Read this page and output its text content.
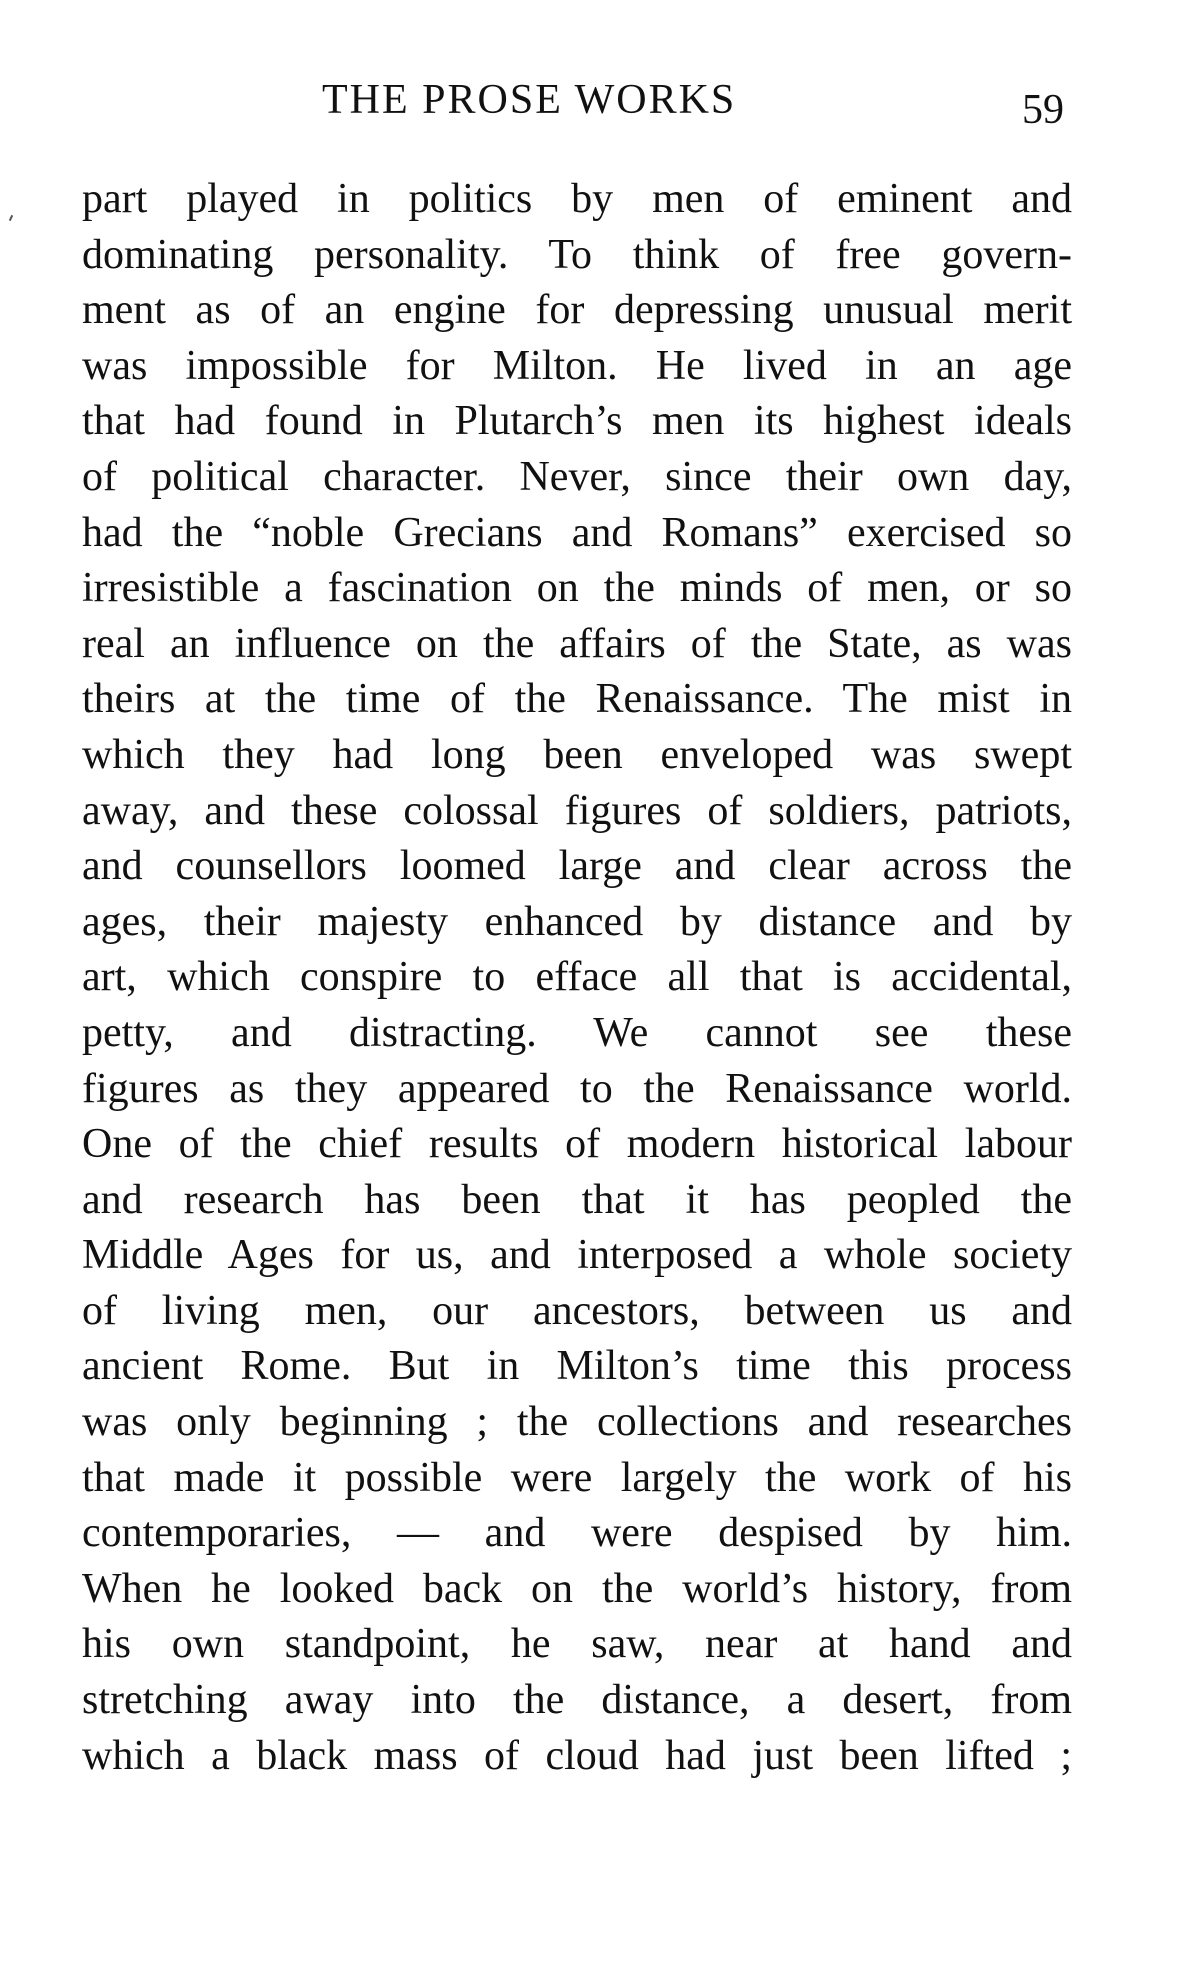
THE PROSE WORKS	59
part played in politics by men of eminent and
dominating personality. To think of free govern-
ment as of an engine for depressing unusual merit
was impossible for Milton. He lived in an age
that had found in Plutarch’s men its highest ideals
of political character. Never, since their own day,
had the “noble Grecians and Romans” exercised so
irresistible a fascination on the minds of men, or so
real an influence on the affairs of the State, as was
theirs at the time of the Renaissance. The mist in
which they had long been enveloped was swept
away, and these colossal figures of soldiers, patriots,
and counsellors loomed large and clear across the
ages, their majesty enhanced by distance and by
art, which conspire to efface all that is accidental,
petty, and distracting. We cannot see these
figures as they appeared to the Renaissance world.
One of the chief results of modern historical labour
and research has been that it has peopled the
Middle Ages for us, and interposed a whole society
of living men, our ancestors, between us and
ancient Rome. But in Milton’s time this process
was only beginning ; the collections and researches
that made it possible were largely the work of his
contemporaries, — and were despised by him.
When he looked back on the world’s history, from
his own standpoint, he saw, near at hand and
stretching away into the distance, a desert, from
which a black mass of cloud had just been lifted ;
